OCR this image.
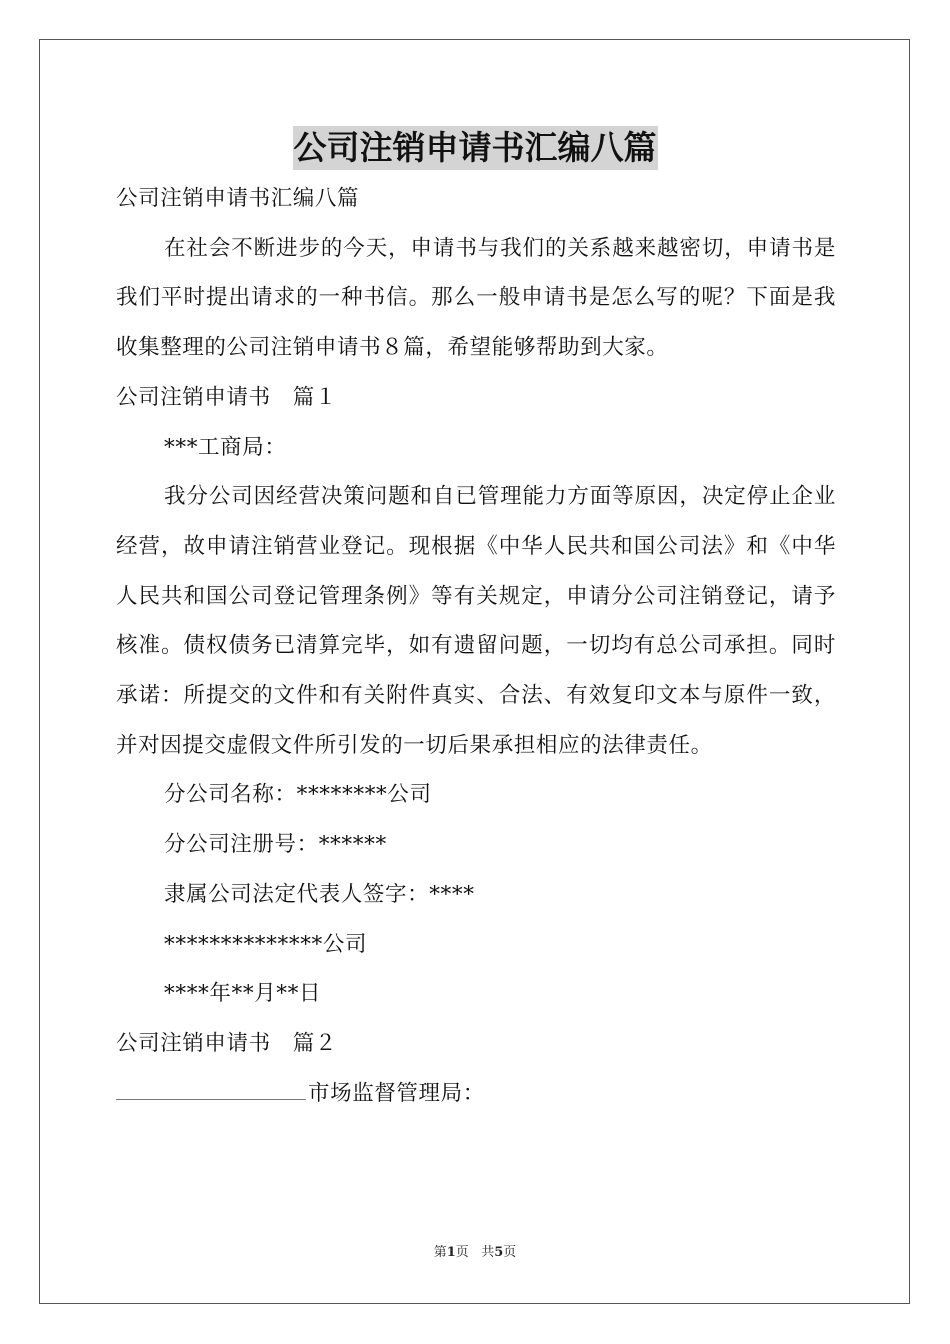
公司注销申请书汇编八篇

公司注销申请书汇编八篇

在社会不断进步的今天，申请书与我们的关系越来越密切，申请书是我们平时提出请求的一种书信。那么一般申请书是怎么写的呢？下面是我收集整理的公司注销申请书８篇，希望能够帮助到大家。

公司注销申请书　篇１

***工商局：

我分公司因经营决策问题和自已管理能力方面等原因，决定停止企业经营，故申请注销营业登记。现根据《中华人民共和国公司法》和《中华人民共和国公司登记管理条例》等有关规定，申请分公司注销登记，请予核准。债权债务已清算完毕，如有遗留问题，一切均有总公司承担。同时承诺：所提交的文件和有关附件真实、合法、有效复印文本与原件一致，并对因提交虚假文件所引发的一切后果承担相应的法律责任。

分公司名称：********公司

分公司注册号：******

隶属公司法定代表人签字：****

**************公司

****年**月**日

公司注销申请书　篇２

市场监督管理局：

第1页 共5页
